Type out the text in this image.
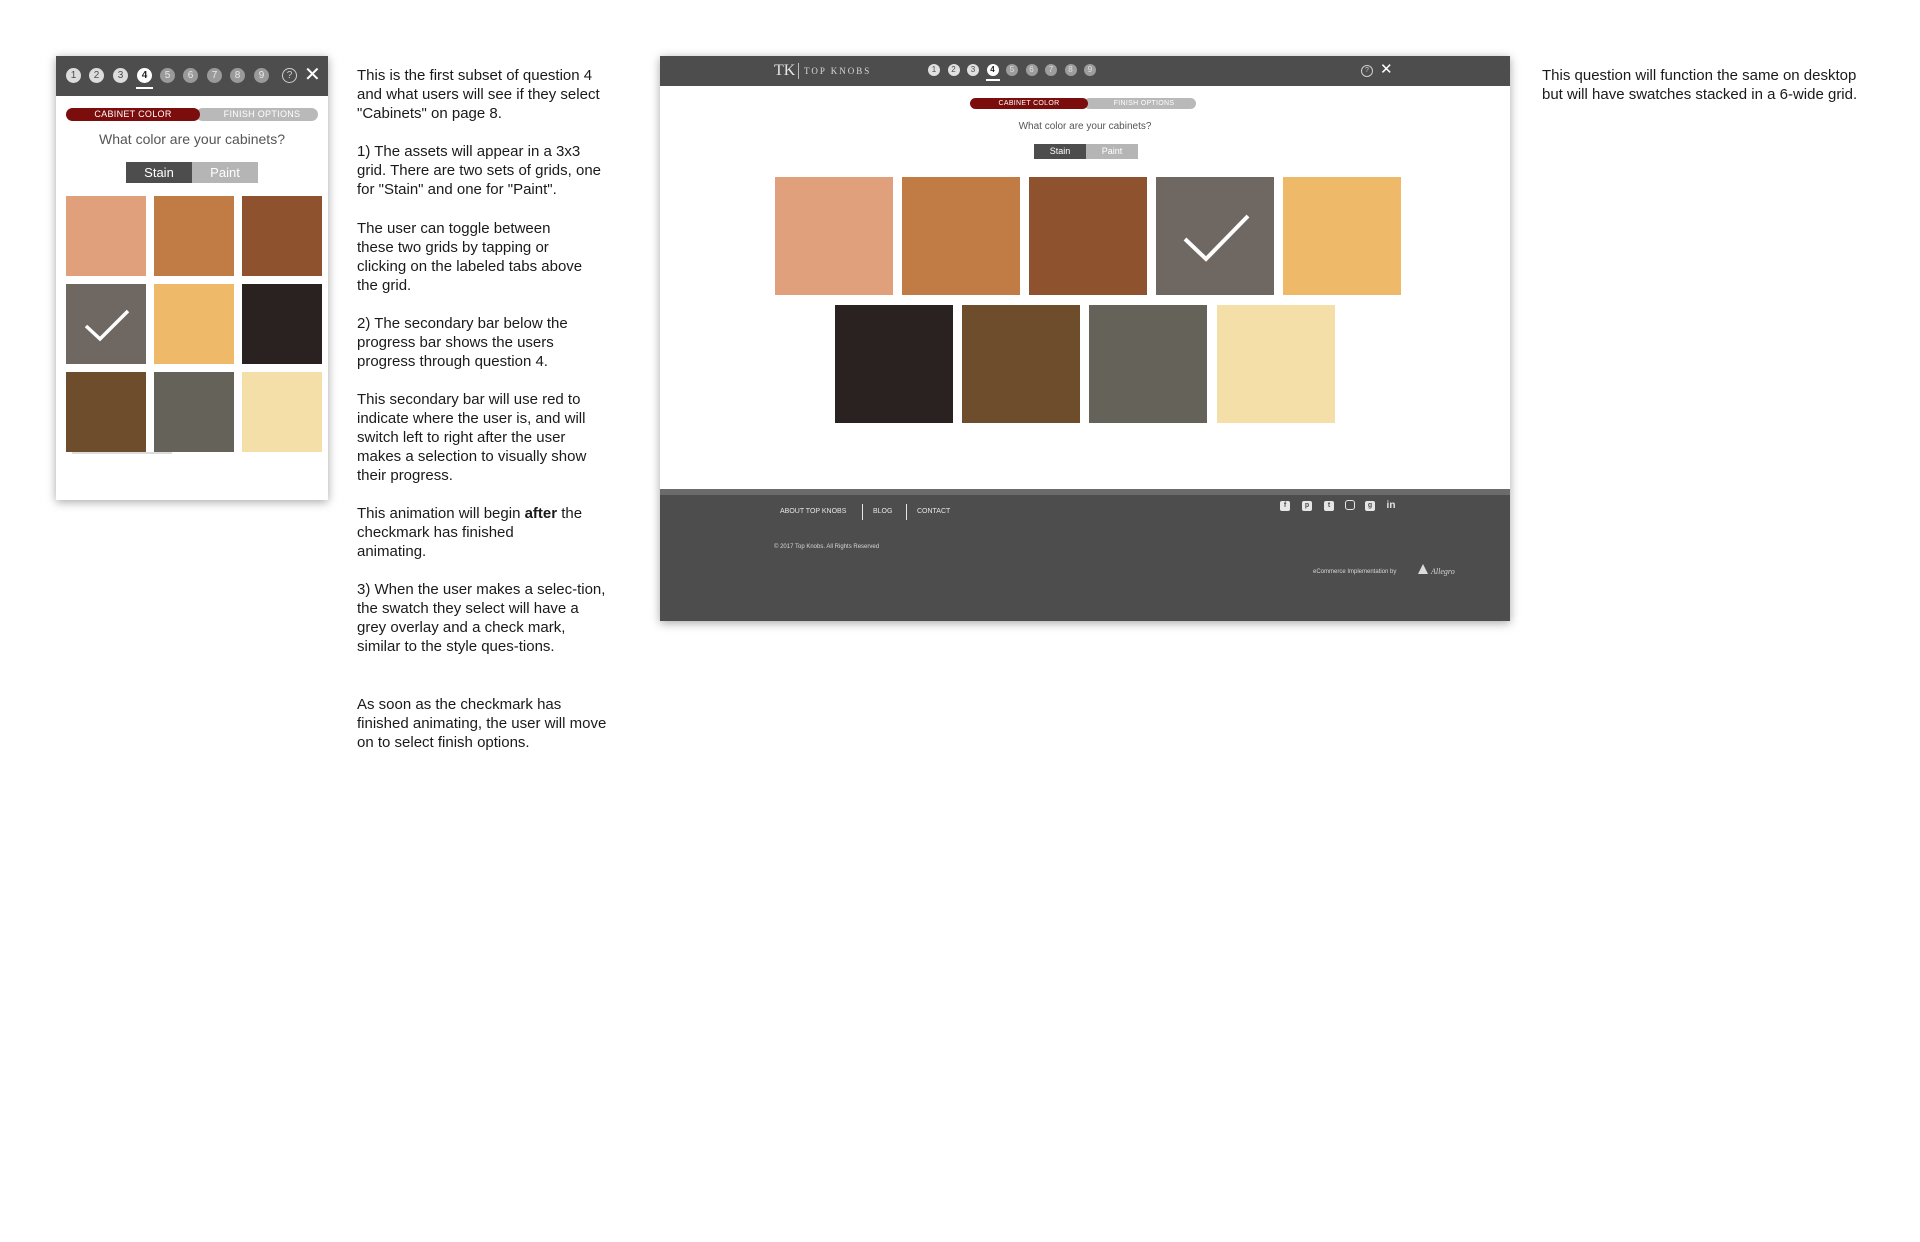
1	2	3	4	5	6	7	8	9	? ✕
FINISH OPTIONS
CABINET COLOR
What color are your cabinets?
Stain	Paint

This is the first subset of question 4 and what users will see if they select "Cabinets" on page 8.

1) The assets will appear in a 3x3 grid. There are two sets of grids, one for "Stain" and one for "Paint".

The user can toggle between these two grids by tapping or clicking on the labeled tabs above the grid.

2) The secondary bar below the progress bar shows the users progress through question 4.

This secondary bar will use red to indicate where the user is, and will switch left to right after the user makes a selection to visually show their progress.

This animation will begin after the checkmark has finished animating.

3) When the user makes a selec-tion, the swatch they select will have a grey overlay and a check mark, similar to the style ques-tions.

As soon as the checkmark has finished animating, the user will move on to select finish options.

This question will function the same on desktop but will have swatches stacked in a 6-wide grid.

TK TOP KNOBS	1	2	3	4	5	6	7	8	9	? ✕
FINISH OPTIONS
CABINET COLOR
What color are your cabinets?
Stain	Paint
ABOUT TOP KNOBS	BLOG	CONTACT
f	p	t	g in
© 2017 Top Knobs. All Rights Reserved
eCommerce Implementation by	Allegro
